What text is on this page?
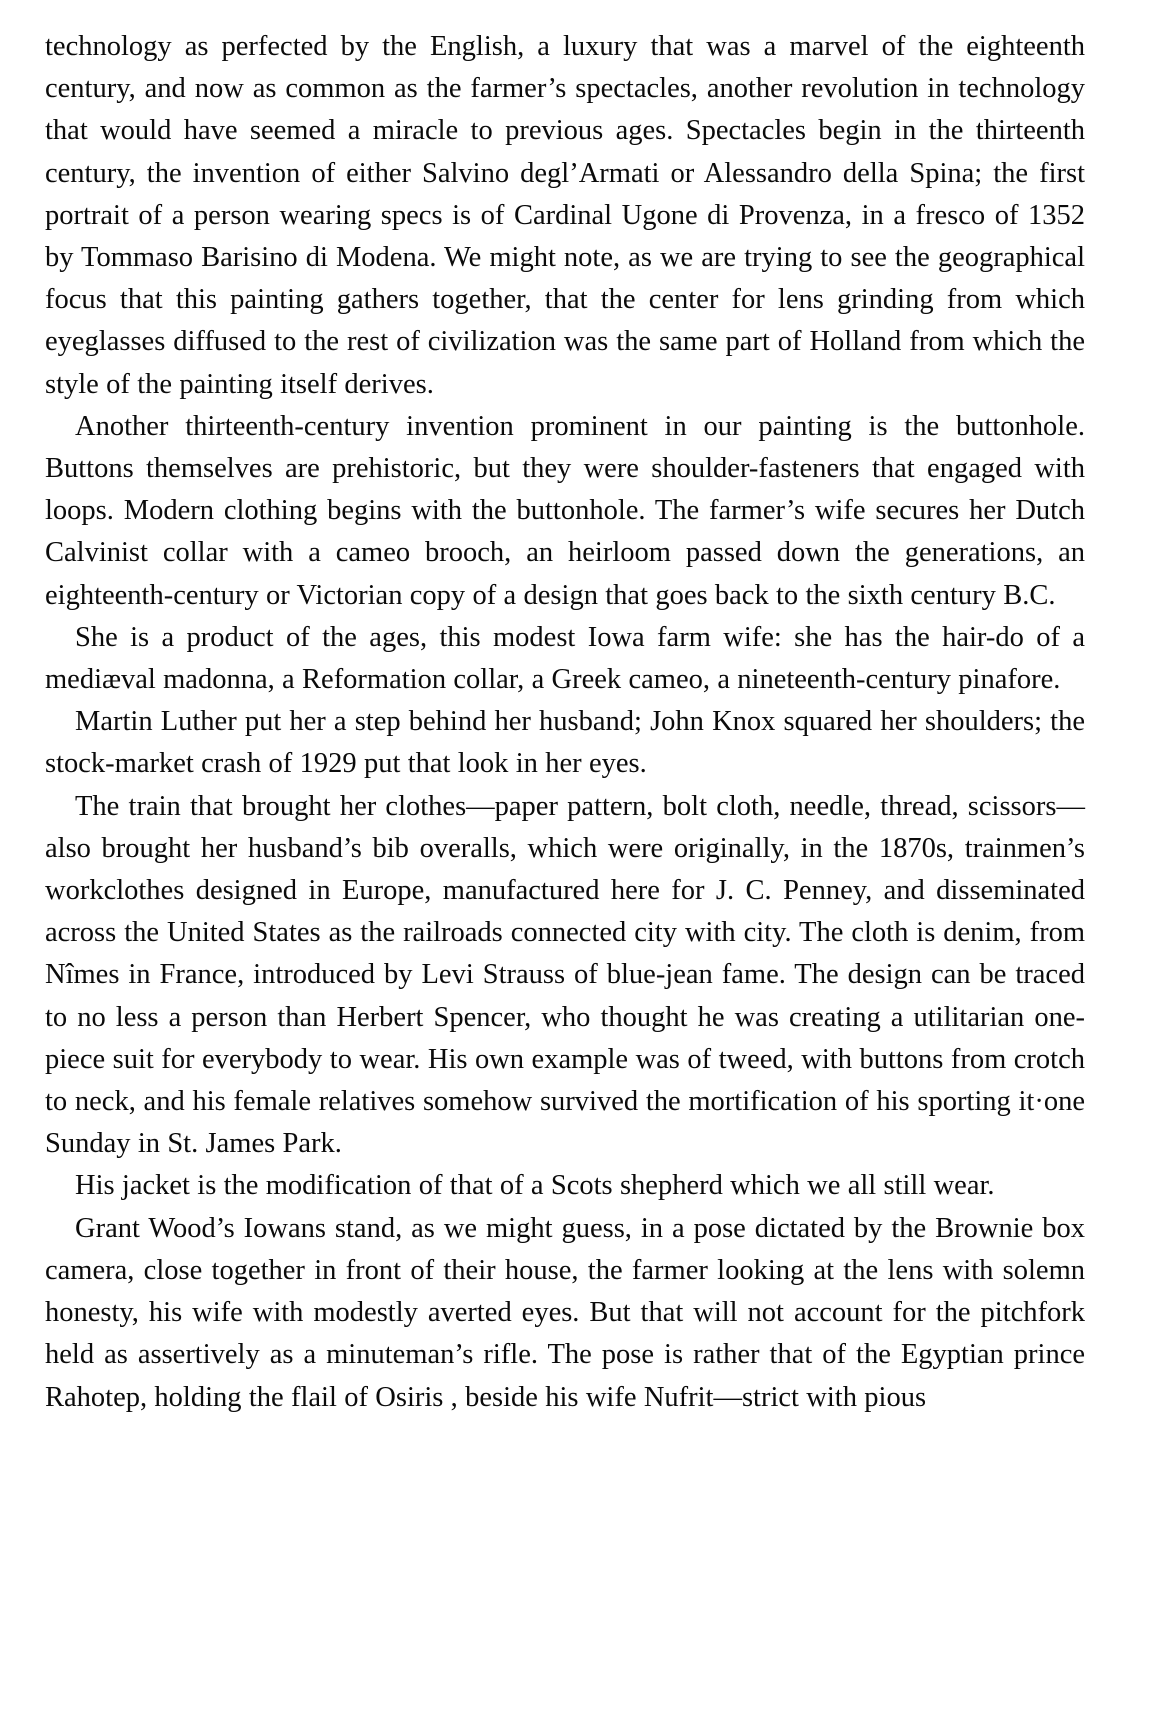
technology as perfected by the English, a luxury that was a marvel of the eighteenth century, and now as common as the farmer’s spectacles, another revolution in technology that would have seemed a miracle to previous ages. Spectacles begin in the thirteenth century, the invention of either Salvino degl’Armati or Alessandro della Spina; the first portrait of a person wearing specs is of Cardinal Ugone di Provenza, in a fresco of 1352 by Tommaso Barisino di Modena. We might note, as we are trying to see the geographical focus that this painting gathers together, that the center for lens grinding from which eyeglasses diffused to the rest of civilization was the same part of Holland from which the style of the painting itself derives.

Another thirteenth-century invention prominent in our painting is the buttonhole. Buttons themselves are prehistoric, but they were shoulder-fasteners that engaged with loops. Modern clothing begins with the buttonhole. The farmer’s wife secures her Dutch Calvinist collar with a cameo brooch, an heirloom passed down the generations, an eighteenth-century or Victorian copy of a design that goes back to the sixth century B.C.

She is a product of the ages, this modest Iowa farm wife: she has the hair-do of a mediæval madonna, a Reformation collar, a Greek cameo, a nineteenth-century pinafore.

Martin Luther put her a step behind her husband; John Knox squared her shoulders; the stock-market crash of 1929 put that look in her eyes.

The train that brought her clothes—paper pattern, bolt cloth, needle, thread, scissors—also brought her husband’s bib overalls, which were originally, in the 1870s, trainmen’s workclothes designed in Europe, manufactured here for J. C. Penney, and disseminated across the United States as the railroads connected city with city. The cloth is denim, from Nîmes in France, introduced by Levi Strauss of blue-jean fame. The design can be traced to no less a person than Herbert Spencer, who thought he was creating a utilitarian one-piece suit for everybody to wear. His own example was of tweed, with buttons from crotch to neck, and his female relatives somehow survived the mortification of his sporting it·one Sunday in St. James Park.

His jacket is the modification of that of a Scots shepherd which we all still wear.

Grant Wood’s Iowans stand, as we might guess, in a pose dictated by the Brownie box camera, close together in front of their house, the farmer looking at the lens with solemn honesty, his wife with modestly averted eyes. But that will not account for the pitchfork held as assertively as a minuteman’s rifle. The pose is rather that of the Egyptian prince Rahotep, holding the flail of Osiris , beside his wife Nufrit—strict with pious
